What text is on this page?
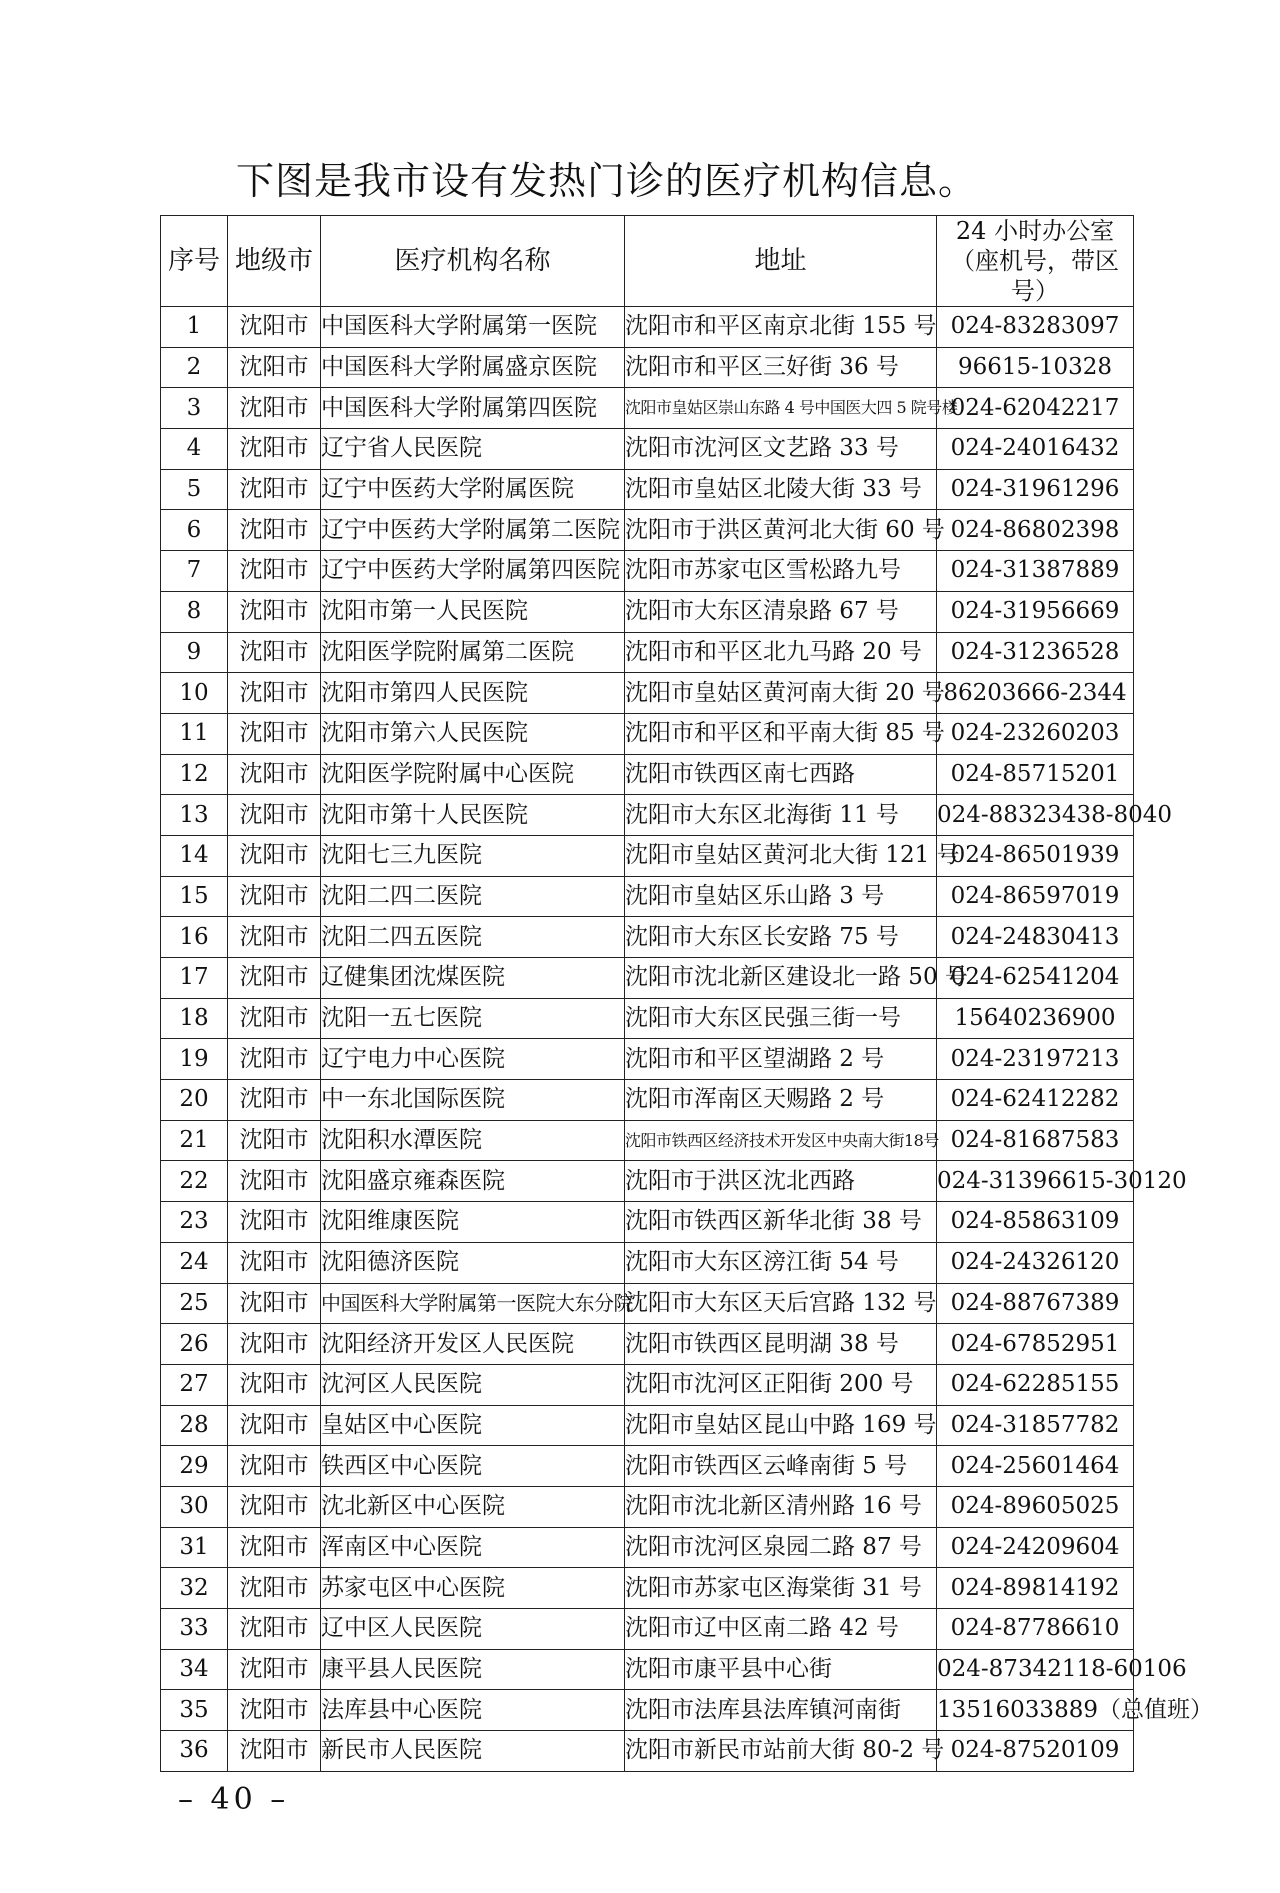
下图是我市设有发热门诊的医疗机构信息。

序号	地级市	医疗机构名称	地址	24 小时办公室（座机号，带区号）
1	沈阳市	中国医科大学附属第一医院	沈阳市和平区南京北街 155 号	024-83283097
2	沈阳市	中国医科大学附属盛京医院	沈阳市和平区三好街 36 号	96615-10328
3	沈阳市	中国医科大学附属第四医院	沈阳市皇姑区崇山东路 4 号中国医大四 5 院号楼	024-62042217
4	沈阳市	辽宁省人民医院	沈阳市沈河区文艺路 33 号	024-24016432
5	沈阳市	辽宁中医药大学附属医院	沈阳市皇姑区北陵大街 33 号	024-31961296
6	沈阳市	辽宁中医药大学附属第二医院	沈阳市于洪区黄河北大街 60 号	024-86802398
7	沈阳市	辽宁中医药大学附属第四医院	沈阳市苏家屯区雪松路九号	024-31387889
8	沈阳市	沈阳市第一人民医院	沈阳市大东区清泉路 67 号	024-31956669
9	沈阳市	沈阳医学院附属第二医院	沈阳市和平区北九马路 20 号	024-31236528
10	沈阳市	沈阳市第四人民医院	沈阳市皇姑区黄河南大街 20 号	86203666-2344
11	沈阳市	沈阳市第六人民医院	沈阳市和平区和平南大街 85 号	024-23260203
12	沈阳市	沈阳医学院附属中心医院	沈阳市铁西区南七西路	024-85715201
13	沈阳市	沈阳市第十人民医院	沈阳市大东区北海街 11 号	024-88323438-8040
14	沈阳市	沈阳七三九医院	沈阳市皇姑区黄河北大街 121 号	024-86501939
15	沈阳市	沈阳二四二医院	沈阳市皇姑区乐山路 3 号	024-86597019
16	沈阳市	沈阳二四五医院	沈阳市大东区长安路 75 号	024-24830413
17	沈阳市	辽健集团沈煤医院	沈阳市沈北新区建设北一路 50 号	024-62541204
18	沈阳市	沈阳一五七医院	沈阳市大东区民强三街一号	15640236900
19	沈阳市	辽宁电力中心医院	沈阳市和平区望湖路 2 号	024-23197213
20	沈阳市	中一东北国际医院	沈阳市浑南区天赐路 2 号	024-62412282
21	沈阳市	沈阳积水潭医院	沈阳市铁西区经济技术开发区中央南大街18号	024-81687583
22	沈阳市	沈阳盛京雍森医院	沈阳市于洪区沈北西路	024-31396615-30120
23	沈阳市	沈阳维康医院	沈阳市铁西区新华北街 38 号	024-85863109
24	沈阳市	沈阳德济医院	沈阳市大东区滂江街 54 号	024-24326120
25	沈阳市	中国医科大学附属第一医院大东分院	沈阳市大东区天后宫路 132 号	024-88767389
26	沈阳市	沈阳经济开发区人民医院	沈阳市铁西区昆明湖 38 号	024-67852951
27	沈阳市	沈河区人民医院	沈阳市沈河区正阳街 200 号	024-62285155
28	沈阳市	皇姑区中心医院	沈阳市皇姑区昆山中路 169 号	024-31857782
29	沈阳市	铁西区中心医院	沈阳市铁西区云峰南街 5 号	024-25601464
30	沈阳市	沈北新区中心医院	沈阳市沈北新区清州路 16 号	024-89605025
31	沈阳市	浑南区中心医院	沈阳市沈河区泉园二路 87 号	024-24209604
32	沈阳市	苏家屯区中心医院	沈阳市苏家屯区海棠街 31 号	024-89814192
33	沈阳市	辽中区人民医院	沈阳市辽中区南二路 42 号	024-87786610
34	沈阳市	康平县人民医院	沈阳市康平县中心街	024-87342118-60106
35	沈阳市	法库县中心医院	沈阳市法库县法库镇河南街	13516033889（总值班）
36	沈阳市	新民市人民医院	沈阳市新民市站前大街 80-2 号	024-87520109

– 40 –
